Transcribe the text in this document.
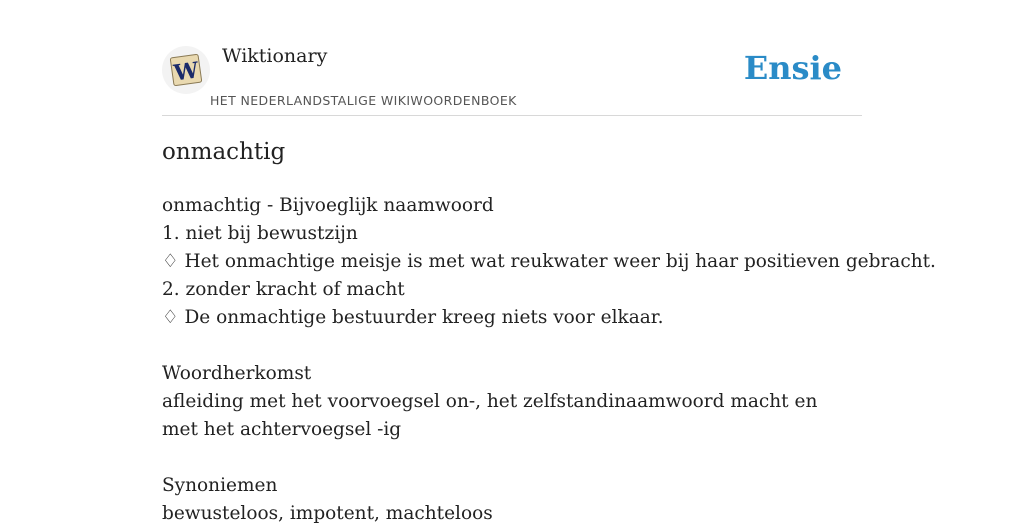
W
Wiktionary
HET NEDERLANDSTALIGE WIKIWOORDENBOEK
Ensie
onmachtig
onmachtig - Bijvoeglijk naamwoord
1. niet bij bewustzijn
♢ Het onmachtige meisje is met wat reukwater weer bij haar positieven gebracht.
2. zonder kracht of macht
♢ De onmachtige bestuurder kreeg niets voor elkaar.
Woordherkomst
afleiding met het voorvoegsel on-, het zelfstandinaamwoord macht en met het achtervoegsel -ig
Synoniemen
bewusteloos, impotent, machteloos
